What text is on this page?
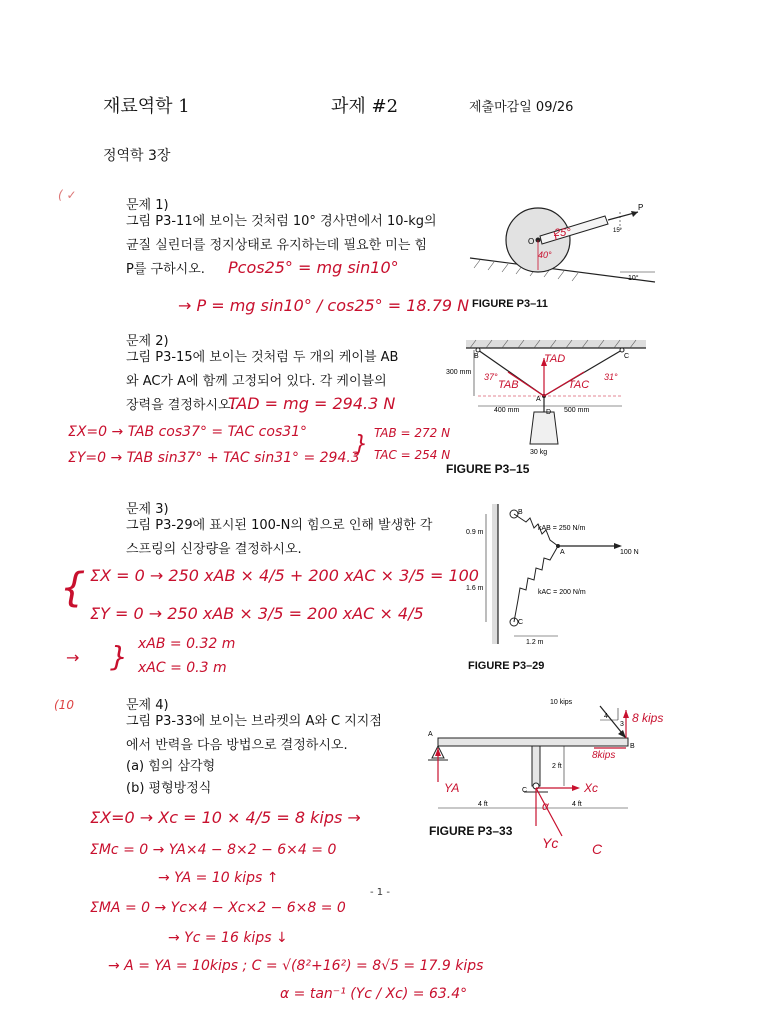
재료역학 1	과제 #2	제출마감일 09/26
정역학 3장
( ✓
(10
문제 1)
그림 P3-11에 보이는 것처럼 10° 경사면에서 10-kg의
균질 실린더를 정지상태로 유지하는데 필요한 미는 힘
P를 구하시오.
P
O
15°
25°
40°
10°
FIGURE P3–11
Pcos25° = mg sin10°
→ P = mg sin10° / cos25° = 18.79 N
문제 2)
그림 P3-15에 보이는 것처럼 두 개의 케이블 AB
와 AC가 A에 함께 고정되어 있다. 각 케이블의
장력을 결정하시오.
B	C
A
D
300 mm
400 mm	500 mm
30 kg
TAD
TAB	TAC
37°	31°
FIGURE P3–15
TAD = mg = 294.3 N
ΣX=0 → TAB cos37° = TAC cos31°
ΣY=0 → TAB sin37° + TAC sin31° = 294.3
} TAB = 272 N
TAC = 254 N
문제 3)
그림 P3-29에 표시된 100-N의 힘으로 인해 발생한 각
스프링의 신장량을 결정하시오.
B
A
C
kAB = 250 N/m
kAC = 200 N/m
100 N
0.9 m
1.6 m
1.2 m
FIGURE P3–29
{ ΣX = 0 → 250 xAB × 4/5 + 200 xAC × 3/5 = 100
ΣY = 0 → 250 xAB × 3/5 = 200 xAC × 4/5
→ } xAB = 0.32 m
xAC = 0.3 m
문제 4)
그림 P3-33에 보이는 브라켓의 A와 C 지지점
에서 반력을 다음 방법으로 결정하시오.
(a) 힘의 삼각형
(b) 평형방정식
10 kips
4
3
A
B
C
2 ft
4 ft	4 ft
8 kips
8kips
YA	Xc
α
Yc C
FIGURE P3–33
ΣX=0 → Xc = 10 × 4/5 = 8 kips →
ΣMc = 0 → YA×4 − 8×2 − 6×4 = 0
→ YA = 10 kips ↑
ΣMA = 0 → Yc×4 − Xc×2 − 6×8 = 0
→ Yc = 16 kips ↓
→ A = YA = 10kips ; C = √(8²+16²) = 8√5 = 17.9 kips
α = tan⁻¹ (Yc / Xc) = 63.4°
- 1 -
